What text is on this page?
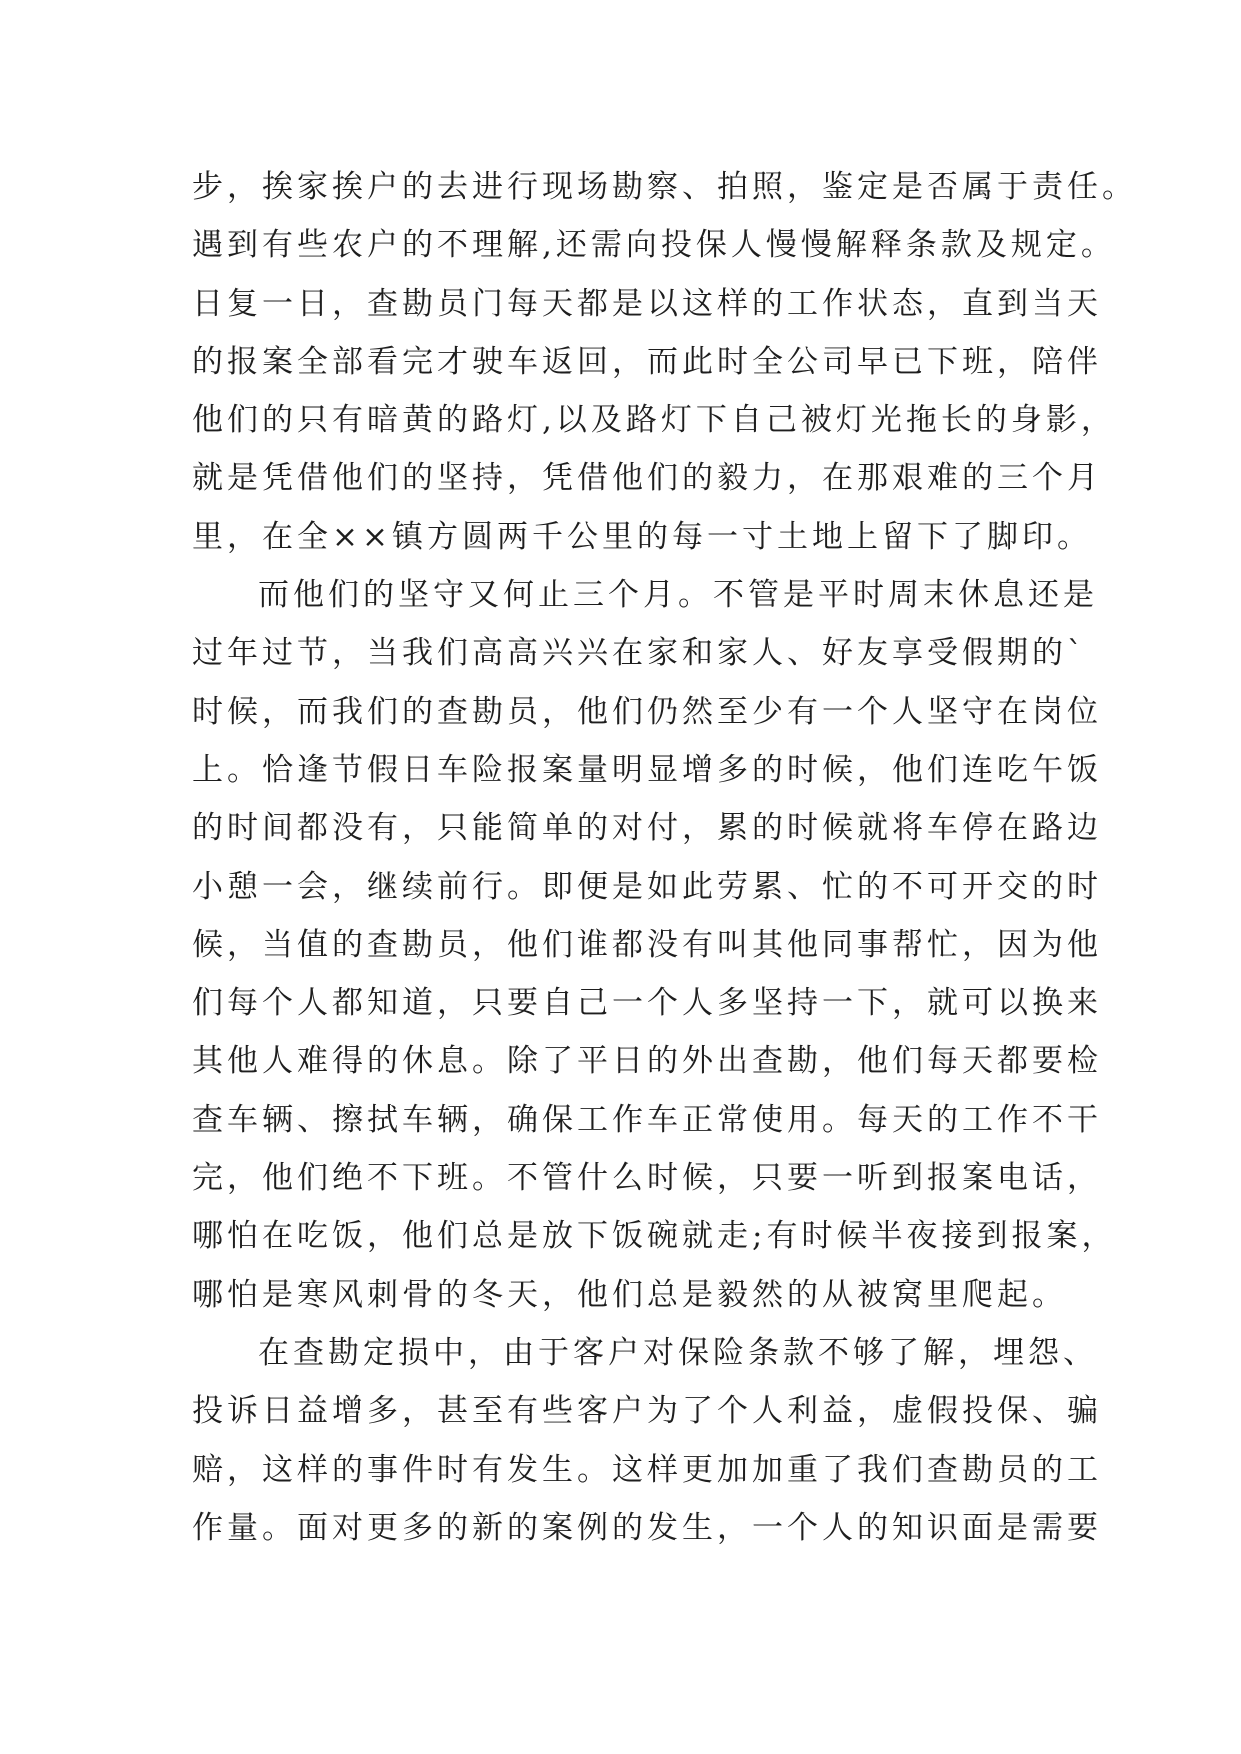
步，挨家挨户的去进行现场勘察、拍照，鉴定是否属于责任。
遇到有些农户的不理解,还需向投保人慢慢解释条款及规定。
日复一日，查勘员门每天都是以这样的工作状态，直到当天
的报案全部看完才驶车返回，而此时全公司早已下班，陪伴
他们的只有暗黄的路灯,以及路灯下自己被灯光拖长的身影，
就是凭借他们的坚持，凭借他们的毅力，在那艰难的三个月
里，在全××镇方圆两千公里的每一寸土地上留下了脚印。
而他们的坚守又何止三个月。不管是平时周末休息还是
过年过节，当我们高高兴兴在家和家人、好友享受假期的`
时候，而我们的查勘员，他们仍然至少有一个人坚守在岗位
上。恰逢节假日车险报案量明显增多的时候，他们连吃午饭
的时间都没有，只能简单的对付，累的时候就将车停在路边
小憩一会，继续前行。即便是如此劳累、忙的不可开交的时
候，当值的查勘员，他们谁都没有叫其他同事帮忙，因为他
们每个人都知道，只要自己一个人多坚持一下，就可以换来
其他人难得的休息。除了平日的外出查勘，他们每天都要检
查车辆、擦拭车辆，确保工作车正常使用。每天的工作不干
完，他们绝不下班。不管什么时候，只要一听到报案电话，
哪怕在吃饭，他们总是放下饭碗就走;有时候半夜接到报案，
哪怕是寒风刺骨的冬天，他们总是毅然的从被窝里爬起。
在查勘定损中，由于客户对保险条款不够了解，埋怨、
投诉日益增多，甚至有些客户为了个人利益，虚假投保、骗
赔，这样的事件时有发生。这样更加加重了我们查勘员的工
作量。面对更多的新的案例的发生，一个人的知识面是需要
